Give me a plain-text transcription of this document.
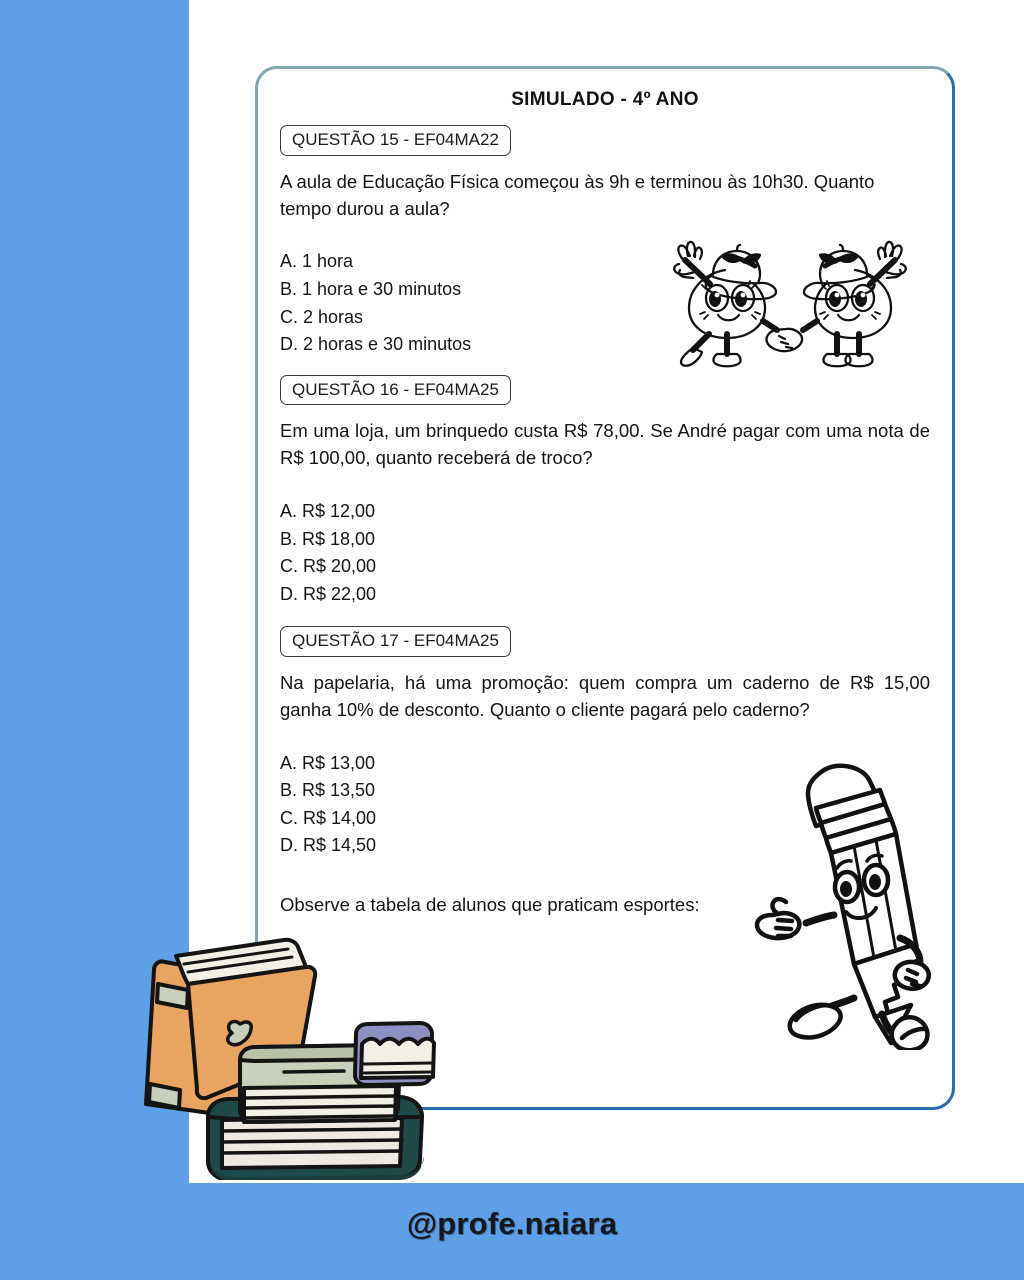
SIMULADO - 4º ANO
QUESTÃO 15 - EF04MA22

A aula de Educação Física começou às 9h e terminou às 10h30. Quanto tempo durou a aula?

A. 1 hora
B. 1 hora e 30 minutos
C. 2 horas
D. 2 horas e 30 minutos
QUESTÃO 16 - EF04MA25

Em uma loja, um brinquedo custa R$ 78,00. Se André pagar com uma nota de R$ 100,00, quanto receberá de troco?

A. R$ 12,00
B. R$ 18,00
C. R$ 20,00
D. R$ 22,00
QUESTÃO 17 - EF04MA25

Na papelaria, há uma promoção: quem compra um caderno de R$ 15,00 ganha 10% de desconto. Quanto o cliente pagará pelo caderno?

A. R$ 13,00
B. R$ 13,50
C. R$ 14,00
D. R$ 14,50

Observe a tabela de alunos que praticam esportes:

@profe.naiara
